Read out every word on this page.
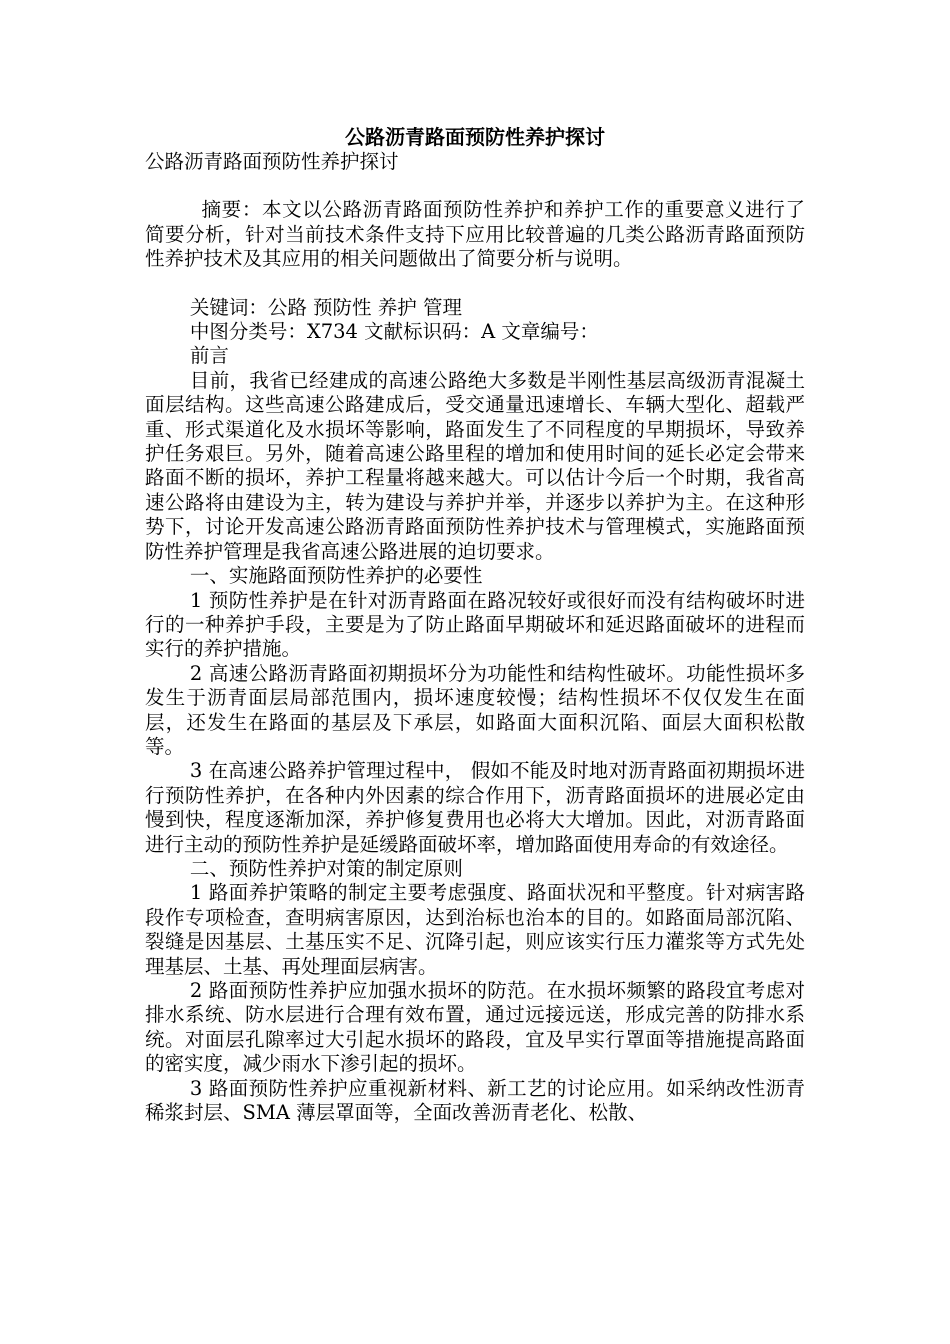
公路沥青路面预防性养护探讨

公路沥青路面预防性养护探讨

摘要：本文以公路沥青路面预防性养护和养护工作的重要意义进行了简要分析，针对当前技术条件支持下应用比较普遍的几类公路沥青路面预防性养护技术及其应用的相关问题做出了简要分析与说明。

关键词：公路 预防性 养护 管理

中图分类号：X734 文献标识码：A 文章编号：

前言

目前，我省已经建成的高速公路绝大多数是半刚性基层高级沥青混凝土面层结构。这些高速公路建成后，受交通量迅速增长、车辆大型化、超载严重、形式渠道化及水损坏等影响，路面发生了不同程度的早期损坏，导致养护任务艰巨。另外，随着高速公路里程的增加和使用时间的延长必定会带来路面不断的损坏，养护工程量将越来越大。可以估计今后一个时期，我省高速公路将由建设为主，转为建设与养护并举，并逐步以养护为主。在这种形势下，讨论开发高速公路沥青路面预防性养护技术与管理模式，实施路面预防性养护管理是我省高速公路进展的迫切要求。

一、实施路面预防性养护的必要性

1 预防性养护是在针对沥青路面在路况较好或很好而没有结构破坏时进行的一种养护手段，主要是为了防止路面早期破坏和延迟路面破坏的进程而实行的养护措施。

2 高速公路沥青路面初期损坏分为功能性和结构性破坏。功能性损坏多发生于沥青面层局部范围内，损坏速度较慢；结构性损坏不仅仅发生在面层，还发生在路面的基层及下承层，如路面大面积沉陷、面层大面积松散等。

3 在高速公路养护管理过程中， 假如不能及时地对沥青路面初期损坏进行预防性养护，在各种内外因素的综合作用下，沥青路面损坏的进展必定由慢到快，程度逐渐加深，养护修复费用也必将大大增加。因此，对沥青路面进行主动的预防性养护是延缓路面破坏率，增加路面使用寿命的有效途径。

二、预防性养护对策的制定原则

1 路面养护策略的制定主要考虑强度、路面状况和平整度。针对病害路段作专项检查，查明病害原因，达到治标也治本的目的。如路面局部沉陷、裂缝是因基层、土基压实不足、沉降引起，则应该实行压力灌浆等方式先处理基层、土基、再处理面层病害。

2 路面预防性养护应加强水损坏的防范。在水损坏频繁的路段宜考虑对排水系统、防水层进行合理有效布置，通过远接远送，形成完善的防排水系统。对面层孔隙率过大引起水损坏的路段，宜及早实行罩面等措施提高路面的密实度，减少雨水下渗引起的损坏。

3 路面预防性养护应重视新材料、新工艺的讨论应用。如采纳改性沥青稀浆封层、SMA 薄层罩面等，全面改善沥青老化、松散、
